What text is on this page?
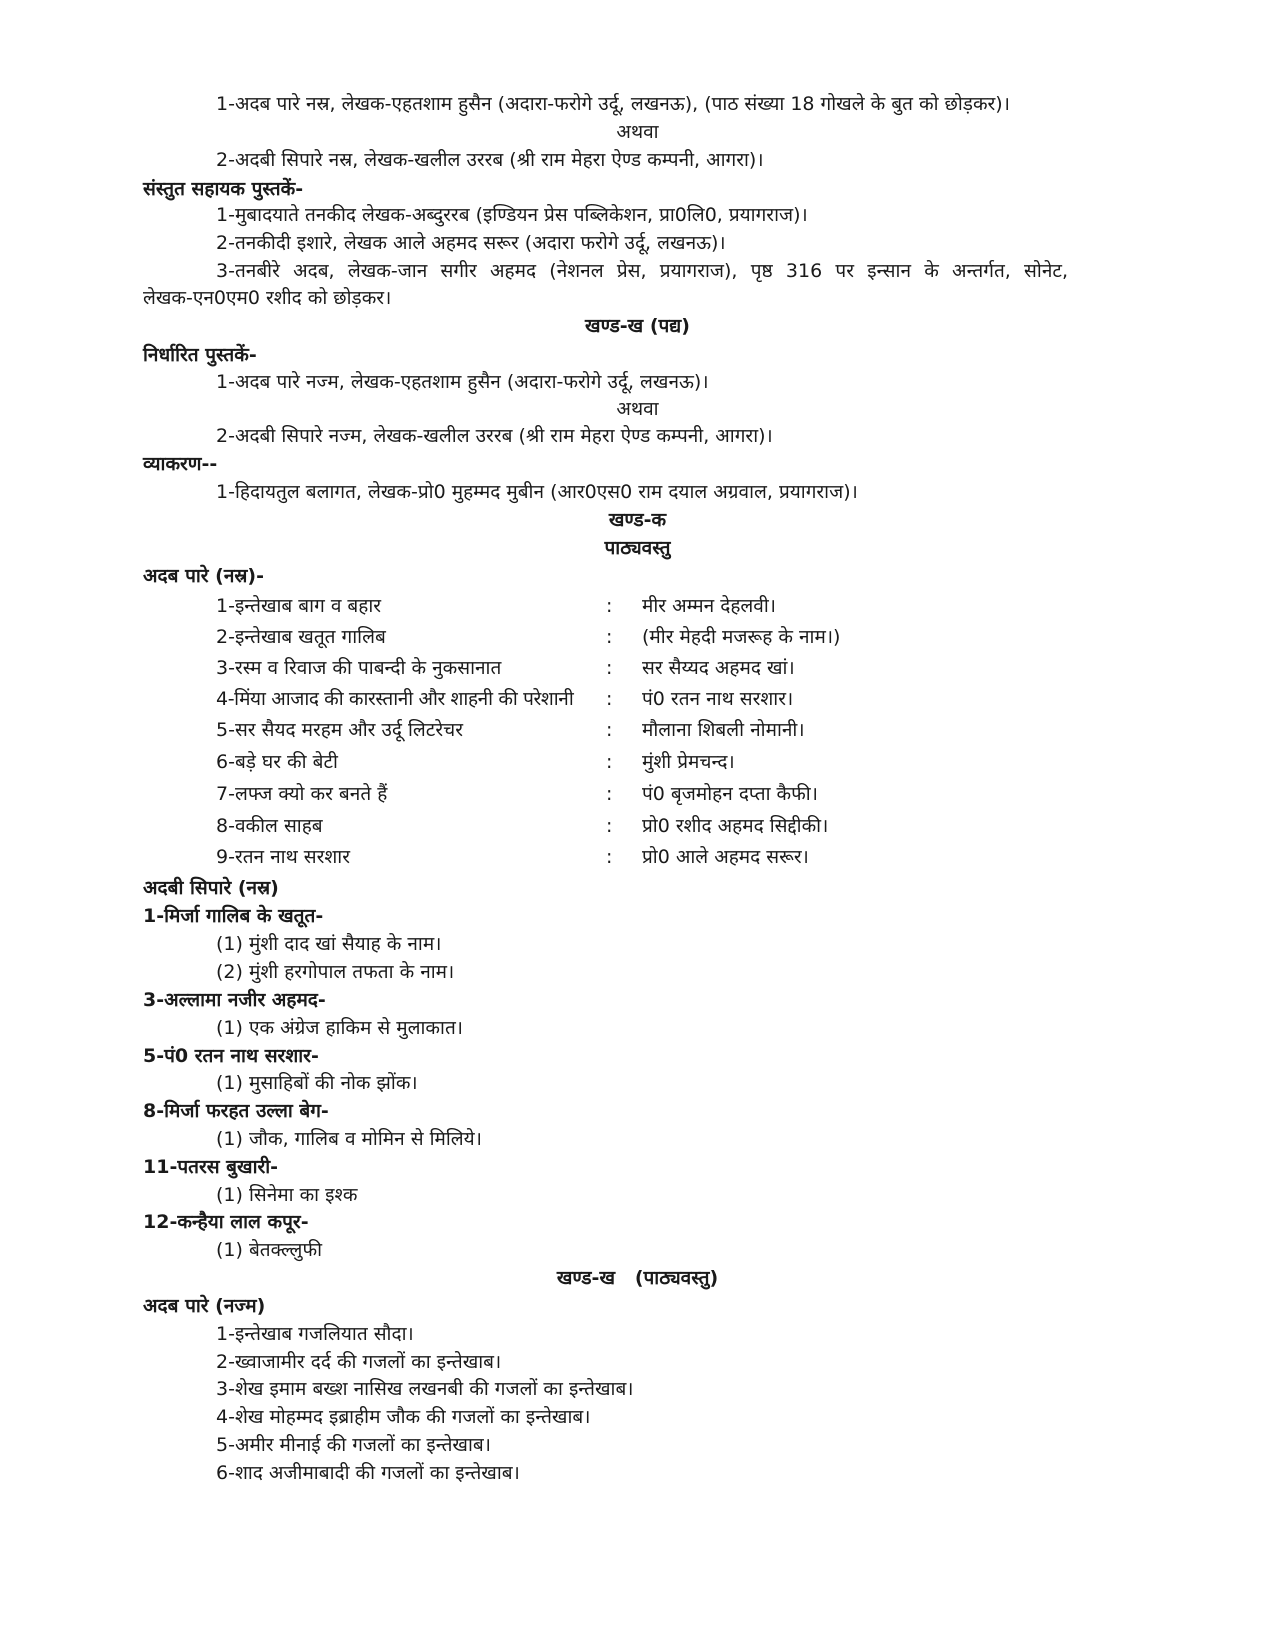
1-अदब पारे नस्र, लेखक-एहतशाम हुसैन (अदारा-फरोगे उर्दू, लखनऊ), (पाठ संख्या 18 गोखले के बुत को छोड़कर)।
अथवा
2-अदबी सिपारे नस्र, लेखक-खलील उररब (श्री राम मेहरा ऐण्ड कम्पनी, आगरा)।
संस्तुत सहायक पुस्तकें-
1-मुबादयाते तनकीद लेखक-अब्दुररब (इण्डियन प्रेस पब्लिकेशन, प्रा0लि0, प्रयागराज)।
2-तनकीदी इशारे, लेखक आले अहमद सरूर (अदारा फरोगे उर्दू, लखनऊ)।
3-तनबीरे अदब, लेखक-जान सगीर अहमद (नेशनल प्रेस, प्रयागराज), पृष्ठ 316 पर इन्सान के अन्तर्गत, सोनेट,
लेखक-एन0एम0 रशीद को छोड़कर।
खण्ड-ख (पद्य)
निर्धारित पुस्तकें-
1-अदब पारे नज्म, लेखक-एहतशाम हुसैन (अदारा-फरोगे उर्दू, लखनऊ)।
अथवा
2-अदबी सिपारे नज्म, लेखक-खलील उररब (श्री राम मेहरा ऐण्ड कम्पनी, आगरा)।
व्याकरण--
1-हिदायतुल बलागत, लेखक-प्रो0 मुहम्मद मुबीन (आर0एस0 राम दयाल अग्रवाल, प्रयागराज)।
खण्ड-क
पाठ्यवस्तु
अदब पारे (नस्र)-
1-इन्तेखाब बाग व बहार	: मीर अम्मन देहलवी।
2-इन्तेखाब खतूत गालिब	: (मीर मेहदी मजरूह के नाम।)
3-रस्म व रिवाज की पाबन्दी के नुकसानात	: सर सैय्यद अहमद खां।
4-मिंया आजाद की कारस्तानी और शाहनी की परेशानी : पं0 रतन नाथ सरशार।
5-सर सैयद मरहम और उर्दू लिटरेचर	: मौलाना शिबली नोमानी।
6-बड़े घर की बेटी	: मुंशी प्रेमचन्द।
7-लफ्ज क्यो कर बनते हैं	: पं0 बृजमोहन दप्ता कैफी।
8-वकील साहब	: प्रो0 रशीद अहमद सिद्दीकी।
9-रतन नाथ सरशार	: प्रो0 आले अहमद सरूर।
अदबी सिपारे (नस्र)
1-मिर्जा गालिब के खतूत-
(1) मुंशी दाद खां सैयाह के नाम।
(2) मुंशी हरगोपाल तफता के नाम।
3-अल्लामा नजीर अहमद-
(1) एक अंग्रेज हाकिम से मुलाकात।
5-पं0 रतन नाथ सरशार-
(1) मुसाहिबों की नोक झोंक।
8-मिर्जा फरहत उल्ला बेग-
(1) जौक, गालिब व मोमिन से मिलिये।
11-पतरस बुखारी-
(1) सिनेमा का इश्क
12-कन्हैया लाल कपूर-
(1) बेतक्ल्लुफी
खण्ड-ख   (पाठ्यवस्तु)
अदब पारे (नज्म)
1-इन्तेखाब गजलियात सौदा।
2-ख्वाजामीर दर्द की गजलों का इन्तेखाब।
3-शेख इमाम बख्श नासिख लखनबी की गजलों का इन्तेखाब।
4-शेख मोहम्मद इब्राहीम जौक की गजलों का इन्तेखाब।
5-अमीर मीनाई की गजलों का इन्तेखाब।
6-शाद अजीमाबादी की गजलों का इन्तेखाब।
